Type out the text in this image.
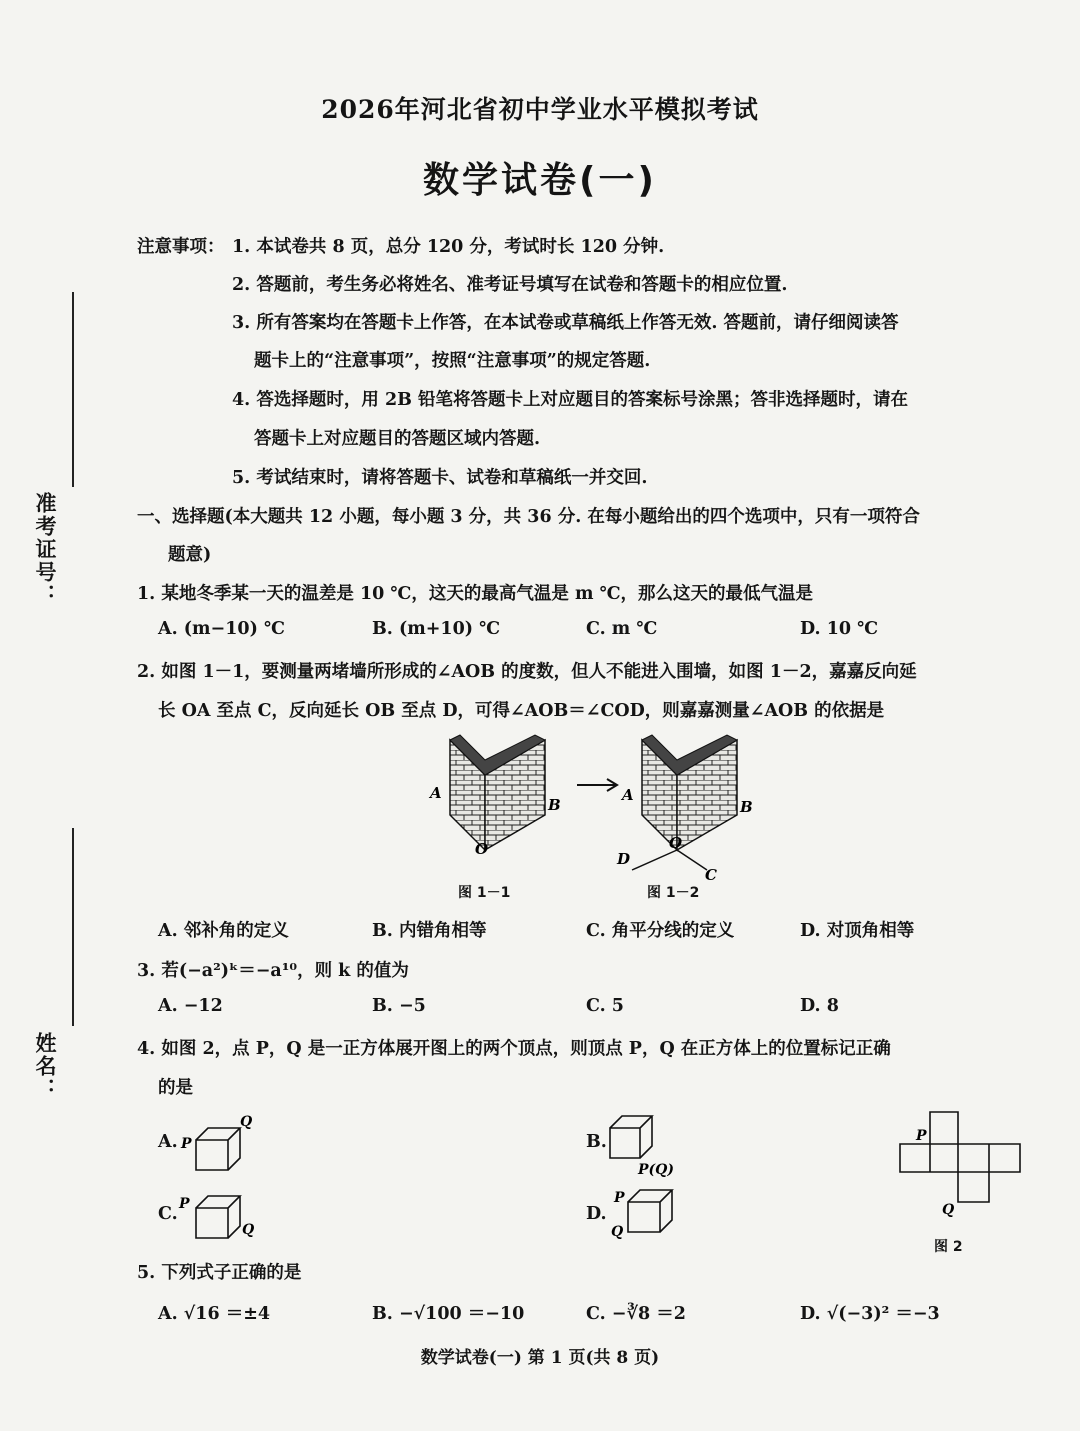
准考证号：
姓名：
2026年河北省初中学业水平模拟考试
数学试卷(一)
注意事项： 1. 本试卷共 8 页，总分 120 分，考试时长 120 分钟.
2. 答题前，考生务必将姓名、准考证号填写在试卷和答题卡的相应位置.
3. 所有答案均在答题卡上作答，在本试卷或草稿纸上作答无效. 答题前，请仔细阅读答
题卡上的“注意事项”，按照“注意事项”的规定答题.
4. 答选择题时，用 2B 铅笔将答题卡上对应题目的答案标号涂黑；答非选择题时，请在
答题卡上对应题目的答题区域内答题.
5. 考试结束时，请将答题卡、试卷和草稿纸一并交回.
一、选择题(本大题共 12 小题，每小题 3 分，共 36 分. 在每小题给出的四个选项中，只有一项符合
题意)
1. 某地冬季某一天的温差是 10 ℃，这天的最高气温是 m ℃，那么这天的最低气温是
A. (m−10) ℃	B. (m+10) ℃	C. m ℃	D. 10 ℃
2. 如图 1－1，要测量两堵墙所形成的∠AOB 的度数，但人不能进入围墙，如图 1－2，嘉嘉反向延
长 OA 至点 C，反向延长 OB 至点 D，可得∠AOB＝∠COD，则嘉嘉测量∠AOB 的依据是
A
B
O
A
B
O
D
C
图 1－1	图 1－2
A. 邻补角的定义	B. 内错角相等	C. 角平分线的定义	D. 对顶角相等
3. 若(−a²)ᵏ＝−a¹⁰，则 k 的值为
A. −12	B. −5	C. 5	D. 8
4. 如图 2，点 P，Q 是一正方体展开图上的两个顶点，则顶点 P，Q 在正方体上的位置标记正确
的是
A. P
Q
B.
P(Q)
C. P
Q
D.
P
Q
P
Q
图 2
5. 下列式子正确的是
A. √16 ＝±4	B. −√100 ＝−10	C. −∛8 ＝2	D. √(−3)² ＝−3
数学试卷(一) 第 1 页(共 8 页)
